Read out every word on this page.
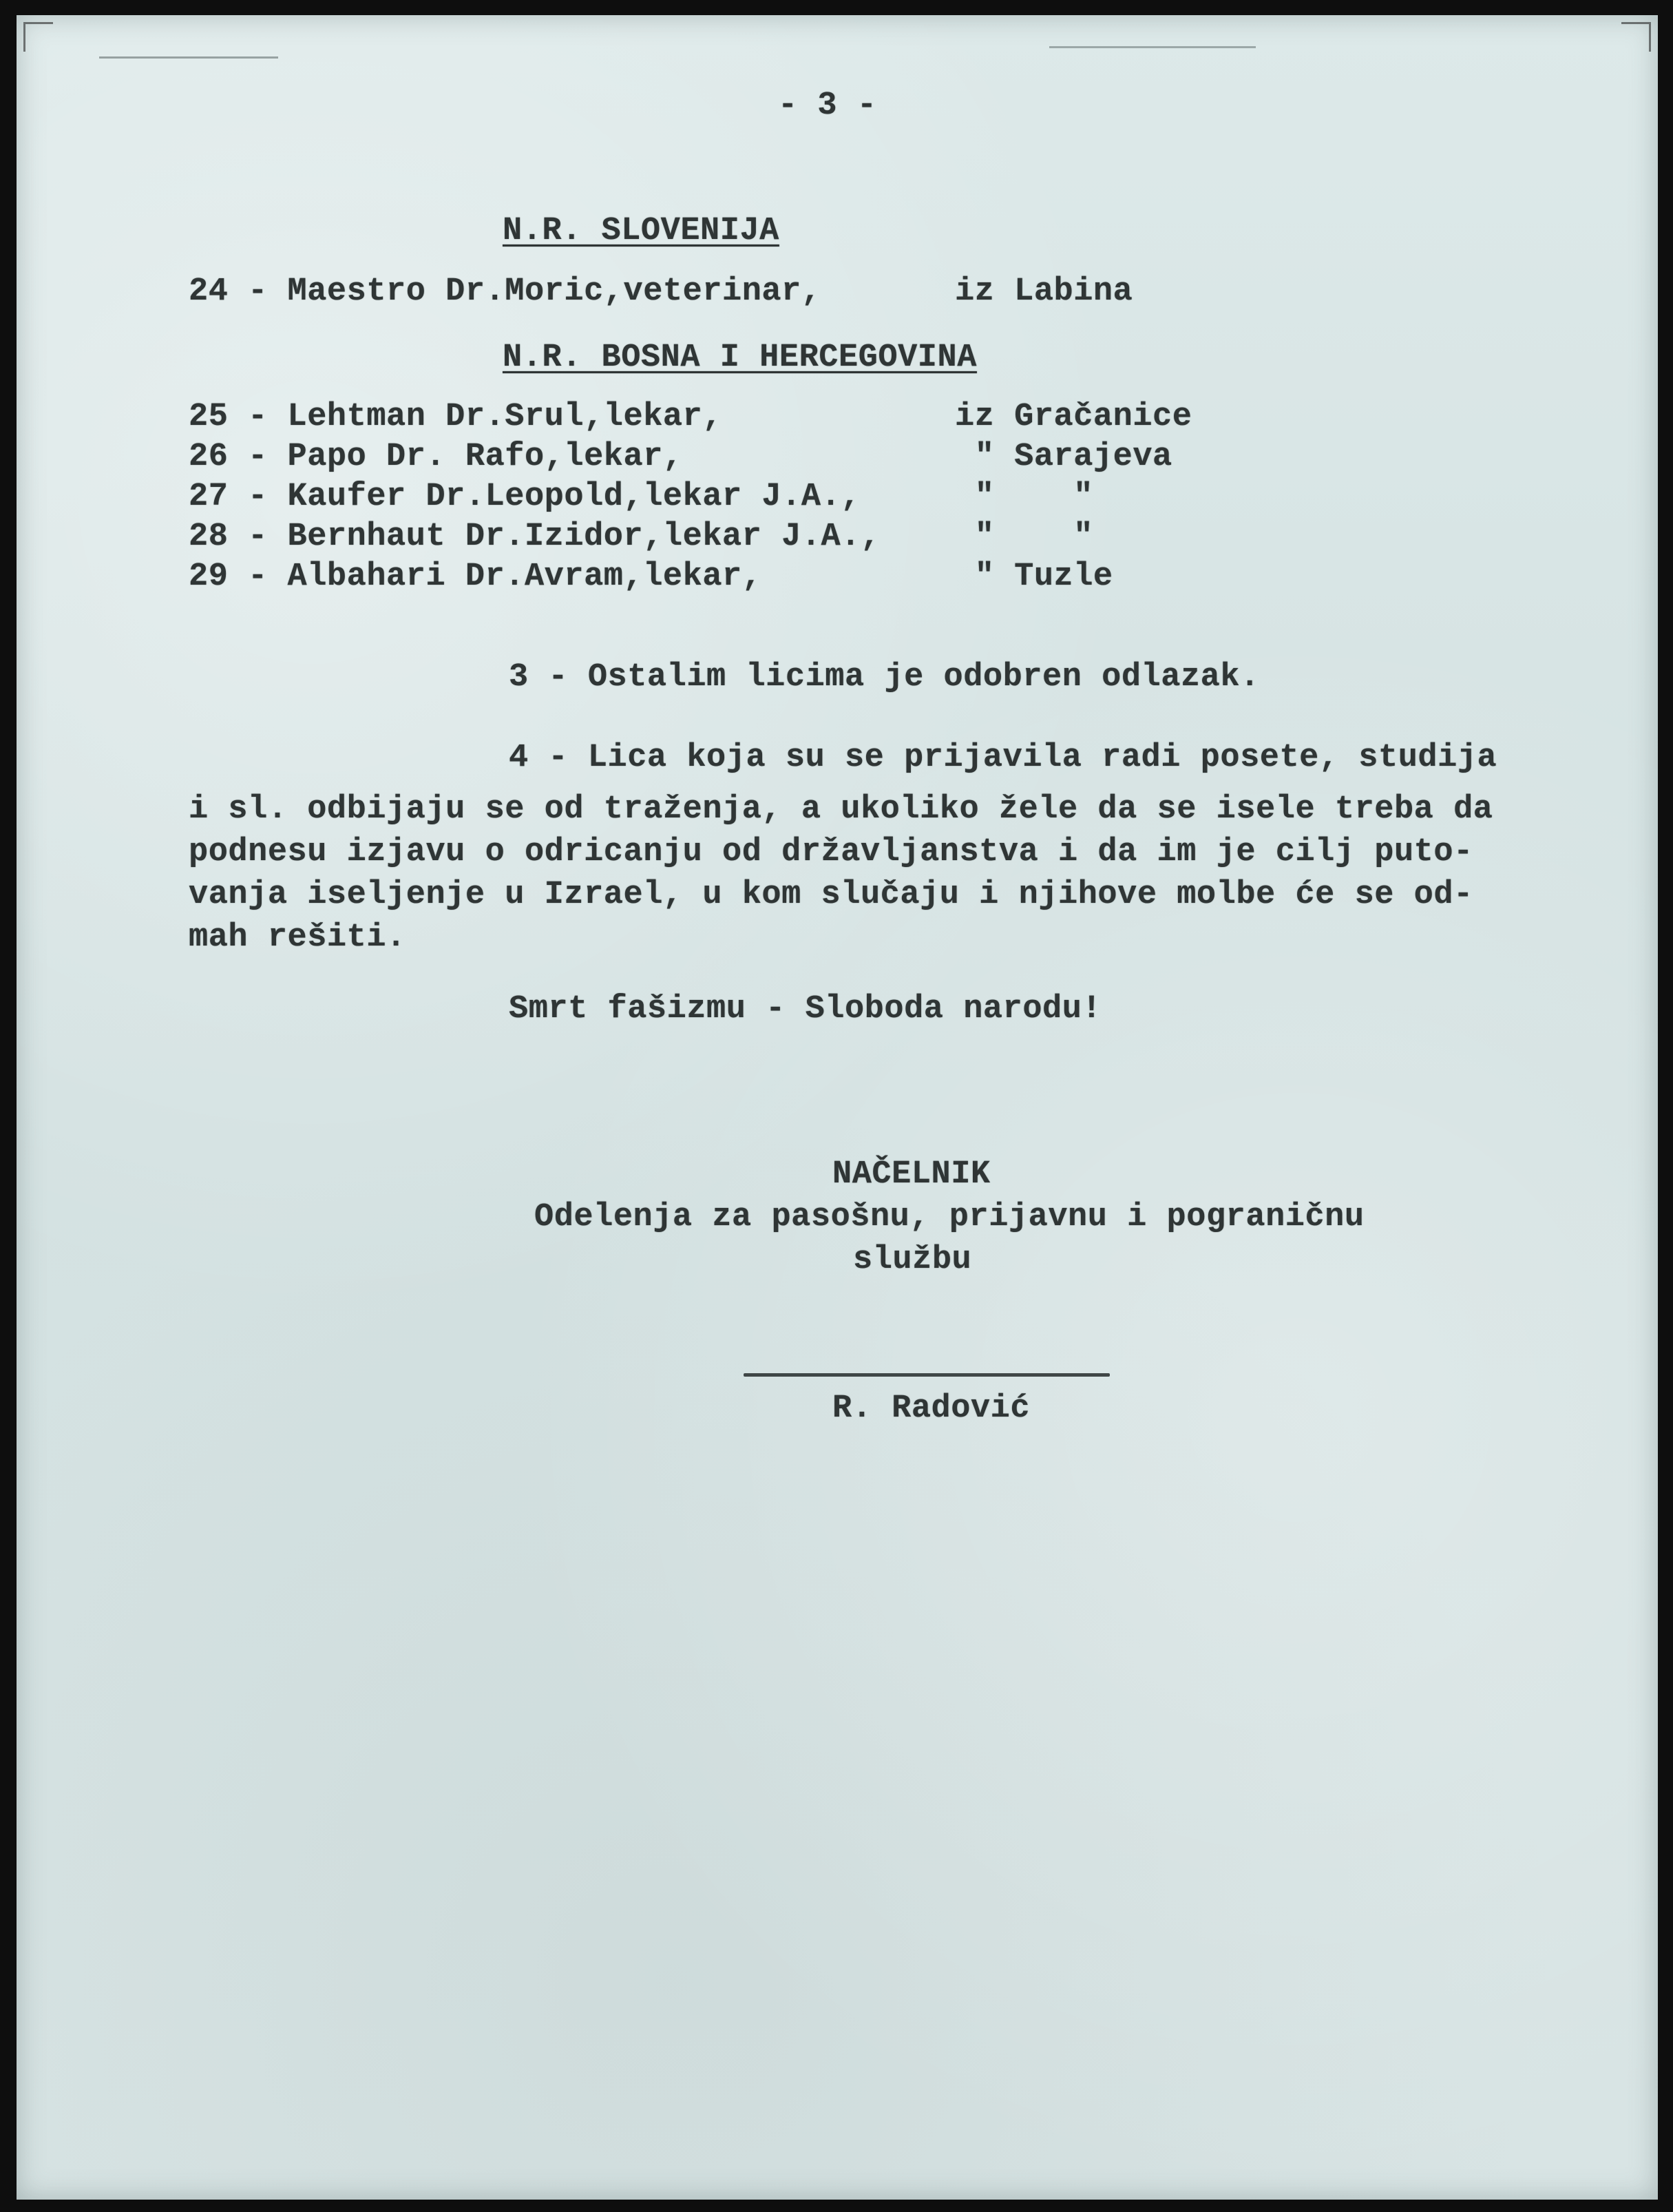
- 3 -
N.R. SLOVENIJA
24 - Maestro Dr.Moric,veterinar,	iz Labina
N.R. BOSNA I HERCEGOVINA
25 - Lehtman Dr.Srul,lekar,	iz Gračanice
26 - Papo Dr. Rafo,lekar,	" Sarajeva
27 - Kaufer Dr.Leopold,lekar J.A.,	"    "
28 - Bernhaut Dr.Izidor,lekar J.A., "    "
29 - Albahari Dr.Avram,lekar,	" Tuzle
3 - Ostalim licima je odobren odlazak.
4 - Lica koja su se prijavila radi posete, studija
i sl. odbijaju se od traženja, a ukoliko žele da se isele treba da
podnesu izjavu o odricanju od državljanstva i da im je cilj puto-
vanja iseljenje u Izrael, u kom slučaju i njihove molbe će se od-
mah rešiti.
Smrt fašizmu - Sloboda narodu!
NAČELNIK
Odelenja za pasošnu, prijavnu i pograničnu
službu
R. Radović
